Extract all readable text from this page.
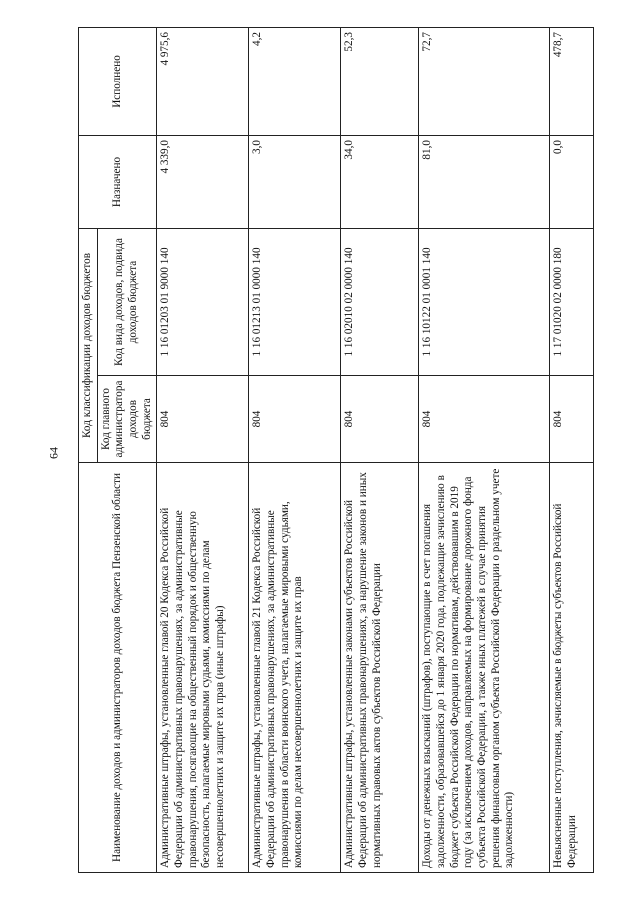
64
Наименование доходов и администраторов доходов бюджета Пензенской области	Код классификации доходов бюджетов		Назначено	Исполнено
	Код главного администратора доходов бюджета	Код вида доходов, подвида доходов бюджета		
Административные штрафы, установленные главой 20 Кодекса Российской Федерации об административных правонарушениях, за административные правонарушения, посягающие на общественный порядок и общественную безопасность, налагаемые мировыми судьями, комиссиями по делам несовершеннолетних и защите их прав (иные штрафы)	804	1 16 01203 01 9000 140	4 339,0	4 975,6
Административные штрафы, установленные главой 21 Кодекса Российской Федерации об административных правонарушениях, за административные правонарушения в области воинского учета, налагаемые мировыми судьями, комиссиями по делам несовершеннолетних и защите их прав	804	1 16 01213 01 0000 140	3,0	4,2
Административные штрафы, установленные законами субъектов Российской Федерации об административных правонарушениях, за нарушение законов и иных нормативных правовых актов субъектов Российской Федерации	804	1 16 02010 02 0000 140	34,0	52,3
Доходы от денежных взысканий (штрафов), поступающие в счет погашения задолженности, образовавшейся до 1 января 2020 года, подлежащие зачислению в бюджет субъекта Российской Федерации по нормативам, действовавшим в 2019 году (за исключением доходов, направляемых на формирование дорожного фонда субъекта Российской Федерации, а также иных платежей в случае принятия решения финансовым органом субъекта Российской Федерации о раздельном учете задолженности)	804	1 16 10122 01 0001 140	81,0	72,7
Невыясненные поступления, зачисляемые в бюджеты субъектов Российской Федерации	804	1 17 01020 02 0000 180	0,0	478,7
